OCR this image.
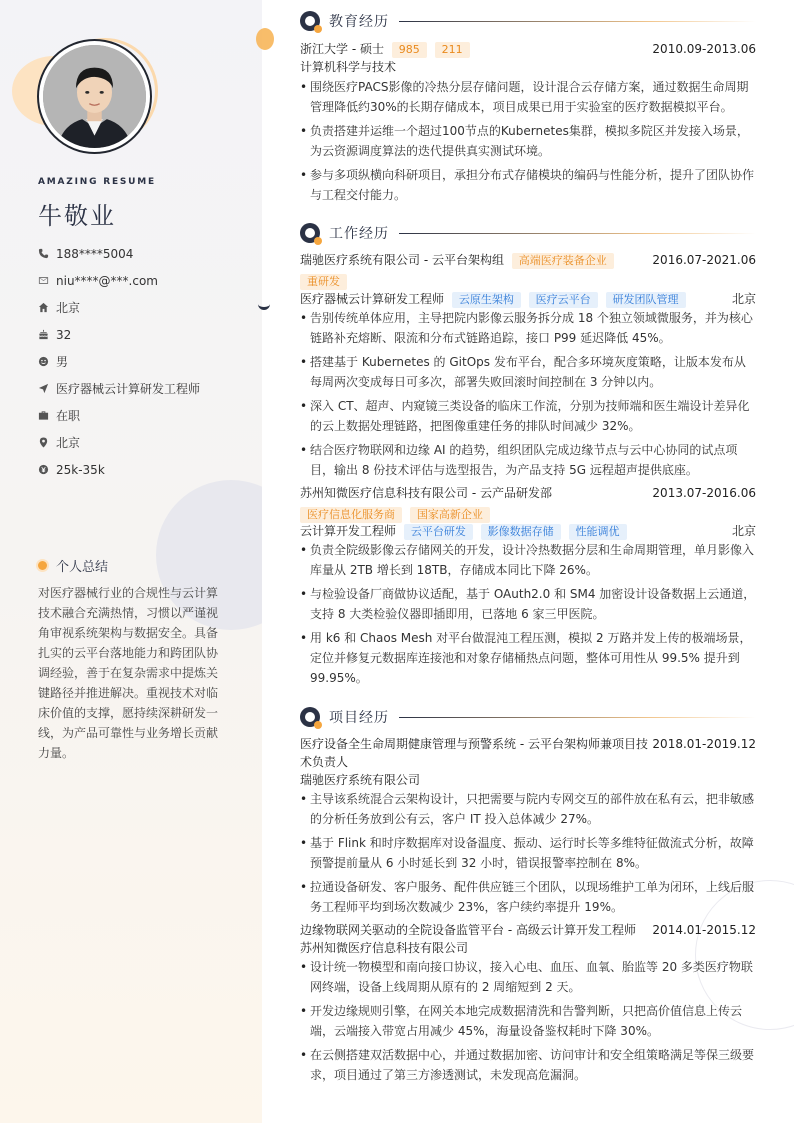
AMAZING RESUME
牛敬业
188****5004
niu****@***.com
北京
32
男
医疗器械云计算研发工程师
在职
北京
25k-35k
个人总结
对医疗器械行业的合规性与云计算技术融合充满热情，习惯以严谨视角审视系统架构与数据安全。具备扎实的云平台落地能力和跨团队协调经验，善于在复杂需求中提炼关键路径并推进解决。重视技术对临床价值的支撑，愿持续深耕研发一线，为产品可靠性与业务增长贡献力量。
教育经历
浙江大学 - 硕士 985 211	2010.09-2013.06
计算机科学与技术
• 围绕医疗PACS影像的冷热分层存储问题，设计混合云存储方案，通过数据生命周期管理降低约30%的长期存储成本，项目成果已用于实验室的医疗数据模拟平台。
• 负责搭建并运维一个超过100节点的Kubernetes集群，模拟多院区并发接入场景，为云资源调度算法的迭代提供真实测试环境。
• 参与多项纵横向科研项目，承担分布式存储模块的编码与性能分析，提升了团队协作与工程交付能力。
工作经历
瑞驰医疗系统有限公司 - 云平台架构组 高端医疗装备企业	2016.07-2021.06
重研发
医疗器械云计算研发工程师 云原生架构 医疗云平台 研发团队管理	北京
• 告别传统单体应用，主导把院内影像云服务拆分成 18 个独立领域微服务，并为核心链路补充熔断、限流和分布式链路追踪，接口 P99 延迟降低 45%。
• 搭建基于 Kubernetes 的 GitOps 发布平台，配合多环境灰度策略，让版本发布从每周两次变成每日可多次，部署失败回滚时间控制在 3 分钟以内。
• 深入 CT、超声、内窥镜三类设备的临床工作流，分别为技师端和医生端设计差异化的云上数据处理链路，把图像重建任务的排队时间减少 32%。
• 结合医疗物联网和边缘 AI 的趋势，组织团队完成边缘节点与云中心协同的试点项目，输出 8 份技术评估与选型报告，为产品支持 5G 远程超声提供底座。
苏州知微医疗信息科技有限公司 - 云产品研发部	2013.07-2016.06
医疗信息化服务商 国家高新企业
云计算开发工程师 云平台研发 影像数据存储 性能调优	北京
• 负责全院级影像云存储网关的开发，设计冷热数据分层和生命周期管理，单月影像入库量从 2TB 增长到 18TB，存储成本同比下降 26%。
• 与检验设备厂商做协议适配，基于 OAuth2.0 和 SM4 加密设计设备数据上云通道，支持 8 大类检验仪器即插即用，已落地 6 家三甲医院。
• 用 k6 和 Chaos Mesh 对平台做混沌工程压测，模拟 2 万路并发上传的极端场景，定位并修复元数据库连接池和对象存储桶热点问题，整体可用性从 99.5% 提升到 99.95%。
项目经历
医疗设备全生命周期健康管理与预警系统 - 云平台架构师兼项目技术负责人
2018.01-2019.12
瑞驰医疗系统有限公司
• 主导该系统混合云架构设计，只把需要与院内专网交互的部件放在私有云，把非敏感的分析任务放到公有云，客户 IT 投入总体减少 27%。
• 基于 Flink 和时序数据库对设备温度、振动、运行时长等多维特征做流式分析，故障预警提前量从 6 小时延长到 32 小时，错误报警率控制在 8%。
• 拉通设备研发、客户服务、配件供应链三个团队，以现场维护工单为闭环，上线后服务工程师平均到场次数减少 23%，客户续约率提升 19%。
边缘物联网关驱动的全院设备监管平台 - 高级云计算开发工程师	2014.01-2015.12
苏州知微医疗信息科技有限公司
• 设计统一物模型和南向接口协议，接入心电、血压、血氧、胎监等 20 多类医疗物联网终端，设备上线周期从原有的 2 周缩短到 2 天。
• 开发边缘规则引擎，在网关本地完成数据清洗和告警判断，只把高价值信息上传云端，云端接入带宽占用减少 45%，海量设备鉴权耗时下降 30%。
• 在云侧搭建双活数据中心，并通过数据加密、访问审计和安全组策略满足等保三级要求，项目通过了第三方渗透测试，未发现高危漏洞。
